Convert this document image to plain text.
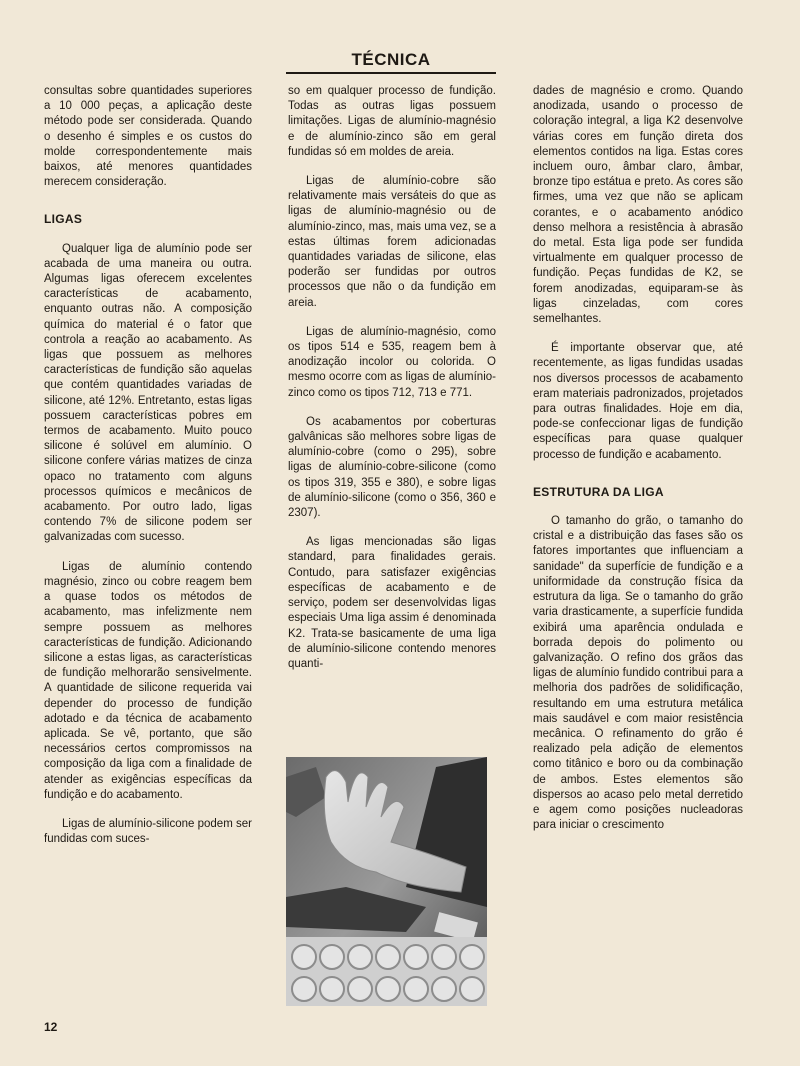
TÉCNICA

consultas sobre quantidades superiores a 10 000 peças, a aplicação deste método pode ser considerada. Quando o desenho é simples e os custos do molde correspondentemente mais baixos, até menores quantidades merecem consideração.

LIGAS

Qualquer liga de alumínio pode ser acabada de uma maneira ou outra. Algumas ligas oferecem excelentes características de acabamento, enquanto outras não. A composição química do material é o fator que controla a reação ao acabamento. As ligas que possuem as melhores características de fundição são aquelas que contém quantidades variadas de silicone, até 12%. Entretanto, estas ligas possuem características pobres em termos de acabamento. Muito pouco silicone é solúvel em alumínio. O silicone confere várias matizes de cinza opaco no tratamento com alguns processos químicos e mecânicos de acabamento. Por outro lado, ligas contendo 7% de silicone podem ser galvanizadas com sucesso.

Ligas de alumínio contendo magnésio, zinco ou cobre reagem bem a quase todos os métodos de acabamento, mas infelizmente nem sempre possuem as melhores características de fundição. Adicionando silicone a estas ligas, as características de fundição melhorarão sensivelmente. A quantidade de silicone requerida vai depender do processo de fundição adotado e da técnica de acabamento aplicada. Se vê, portanto, que são necessários certos compromissos na composição da liga com a finalidade de atender as exigências específicas da fundição e do acabamento.

Ligas de alumínio-silicone podem ser fundidas com suces-

so em qualquer processo de fundição. Todas as outras ligas possuem limitações. Ligas de alumínio-magnésio e de alumínio-zinco são em geral fundidas só em moldes de areia.

Ligas de alumínio-cobre são relativamente mais versáteis do que as ligas de alumínio-magnésio ou de alumínio-zinco, mas, mais uma vez, se a estas últimas forem adicionadas quantidades variadas de silicone, elas poderão ser fundidas por outros processos que não o da fundição em areia.

Ligas de alumínio-magnésio, como os tipos 514 e 535, reagem bem à anodização incolor ou colorida. O mesmo ocorre com as ligas de alumínio-zinco como os tipos 712, 713 e 771.

Os acabamentos por coberturas galvânicas são melhores sobre ligas de alumínio-cobre (como o 295), sobre ligas de alumínio-cobre-silicone (como os tipos 319, 355 e 380), e sobre ligas de alumínio-silicone (como o 356, 360 e 2307).

As ligas mencionadas são ligas standard, para finalidades gerais. Contudo, para satisfazer exigências específicas de acabamento e de serviço, podem ser desenvolvidas ligas especiais Uma liga assim é denominada K2. Trata-se basicamente de uma liga de alumínio-silicone contendo menores quanti-

dades de magnésio e cromo. Quando anodizada, usando o processo de coloração integral, a liga K2 desenvolve várias cores em função direta dos elementos contidos na liga. Estas cores incluem ouro, âmbar claro, âmbar, bronze tipo estátua e preto. As cores são firmes, uma vez que não se aplicam corantes, e o acabamento anódico denso melhora a resistência à abrasão do metal. Esta liga pode ser fundida virtualmente em qualquer processo de fundição. Peças fundidas de K2, se forem anodizadas, equiparam-se às ligas cinzeladas, com cores semelhantes.

É importante observar que, até recentemente, as ligas fundidas usadas nos diversos processos de acabamento eram materiais padronizados, projetados para outras finalidades. Hoje em dia, pode-se confeccionar ligas de fundição específicas para quase qualquer processo de fundição e acabamento.

ESTRUTURA DA LIGA

O tamanho do grão, o tamanho do cristal e a distribuição das fases são os fatores importantes que influenciam a sanidade" da superfície de fundição e a uniformidade da construção física da estrutura da liga. Se o tamanho do grão varia drasticamente, a superfície fundida exibirá uma aparência ondulada e borrada depois do polimento ou galvanização. O refino dos grãos das ligas de alumínio fundido contribui para a melhoria dos padrões de solidificação, resultando em uma estrutura metálica mais saudável e com maior resistência mecânica. O refinamento do grão é realizado pela adição de elementos como titânico e boro ou da combinação de ambos. Estes elementos são dispersos ao acaso pelo metal derretido e agem como posições nucleadoras para iniciar o crescimento

12
